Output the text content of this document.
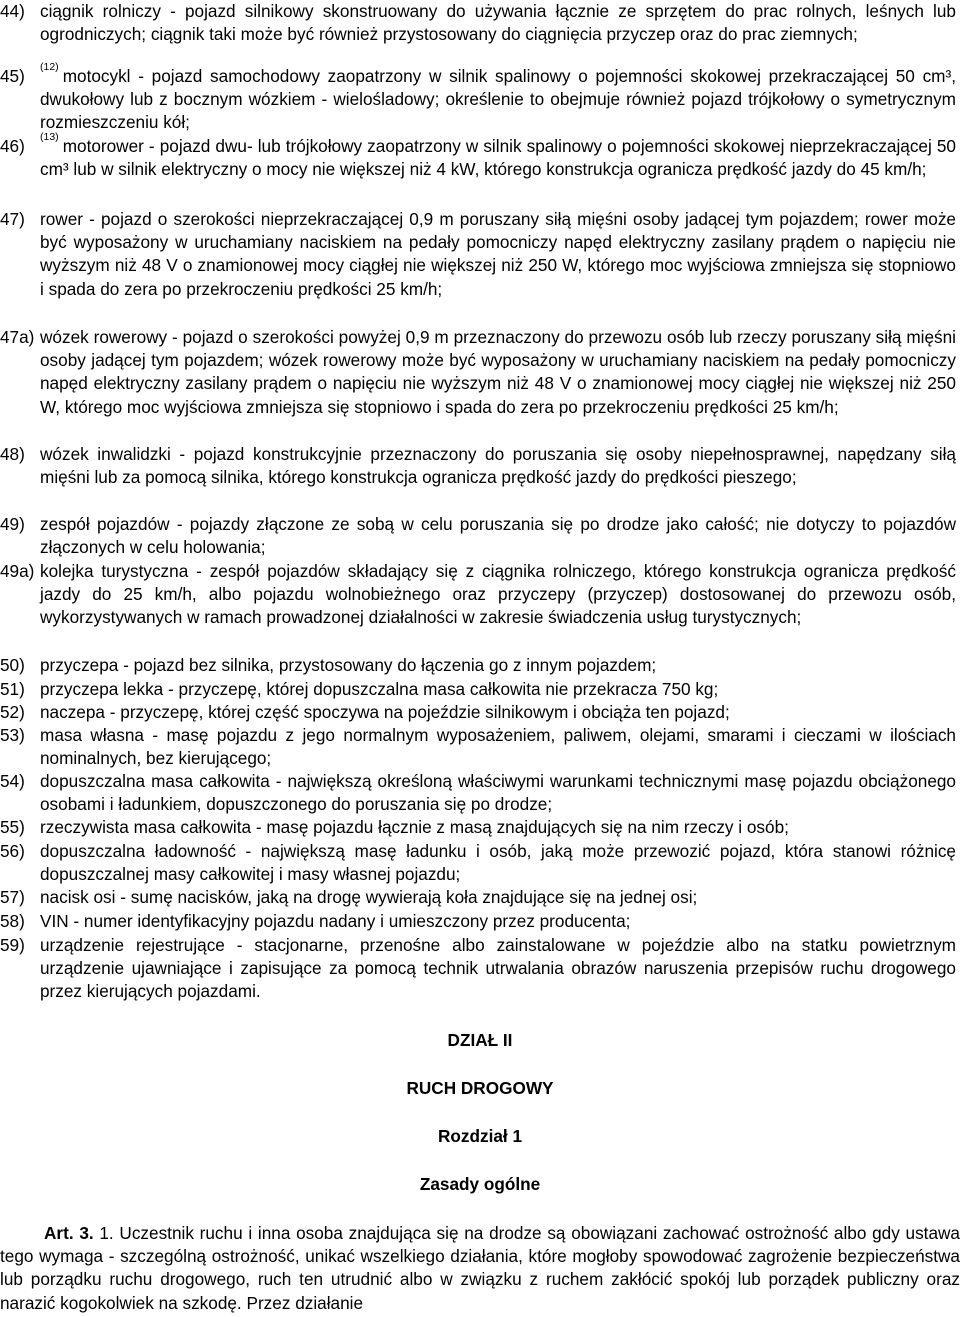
44) ciągnik rolniczy - pojazd silnikowy skonstruowany do używania łącznie ze sprzętem do prac rolnych, leśnych lub ogrodniczych; ciągnik taki może być również przystosowany do ciągnięcia przyczep oraz do prac ziemnych;

45) $^{(12)}$ motocykl - pojazd samochodowy zaopatrzony w silnik spalinowy o pojemności skokowej przekraczającej 50 cm³, dwukołowy lub z bocznym wózkiem - wielośladowy; określenie to obejmuje również pojazd trójkołowy o symetrycznym rozmieszczeniu kół;

46) $^{(13)}$ motorower - pojazd dwu- lub trójkołowy zaopatrzony w silnik spalinowy o pojemności skokowej nieprzekraczającej 50 cm³ lub w silnik elektryczny o mocy nie większej niż 4 kW, którego konstrukcja ogranicza prędkość jazdy do 45 km/h;

47) rower - pojazd o szerokości nieprzekraczającej 0,9 m poruszany siłą mięśni osoby jadącej tym pojazdem; rower może być wyposażony w uruchamiany naciskiem na pedały pomocniczy napęd elektryczny zasilany prądem o napięciu nie wyższym niż 48 V o znamionowej mocy ciągłej nie większej niż 250 W, którego moc wyjściowa zmniejsza się stopniowo i spada do zera po przekroczeniu prędkości 25 km/h;

47a) wózek rowerowy - pojazd o szerokości powyżej 0,9 m przeznaczony do przewozu osób lub rzeczy poruszany siłą mięśni osoby jadącej tym pojazdem; wózek rowerowy może być wyposażony w uruchamiany naciskiem na pedały pomocniczy napęd elektryczny zasilany prądem o napięciu nie wyższym niż 48 V o znamionowej mocy ciągłej nie większej niż 250 W, którego moc wyjściowa zmniejsza się stopniowo i spada do zera po przekroczeniu prędkości 25 km/h;

48) wózek inwalidzki - pojazd konstrukcyjnie przeznaczony do poruszania się osoby niepełnosprawnej, napędzany siłą mięśni lub za pomocą silnika, którego konstrukcja ogranicza prędkość jazdy do prędkości pieszego;

49) zespół pojazdów - pojazdy złączone ze sobą w celu poruszania się po drodze jako całość; nie dotyczy to pojazdów złączonych w celu holowania;

49a) kolejka turystyczna - zespół pojazdów składający się z ciągnika rolniczego, którego konstrukcja ogranicza prędkość jazdy do 25 km/h, albo pojazdu wolnobieżnego oraz przyczepy (przyczep) dostosowanej do przewozu osób, wykorzystywanych w ramach prowadzonej działalności w zakresie świadczenia usług turystycznych;

50) przyczepa - pojazd bez silnika, przystosowany do łączenia go z innym pojazdem;

51) przyczepa lekka - przyczepę, której dopuszczalna masa całkowita nie przekracza 750 kg;

52) naczepa - przyczepę, której część spoczywa na pojeździe silnikowym i obciąża ten pojazd;

53) masa własna - masę pojazdu z jego normalnym wyposażeniem, paliwem, olejami, smarami i cieczami w ilościach nominalnych, bez kierującego;

54) dopuszczalna masa całkowita - największą określoną właściwymi warunkami technicznymi masę pojazdu obciążonego osobami i ładunkiem, dopuszczonego do poruszania się po drodze;

55) rzeczywista masa całkowita - masę pojazdu łącznie z masą znajdujących się na nim rzeczy i osób;

56) dopuszczalna ładowność - największą masę ładunku i osób, jaką może przewozić pojazd, która stanowi różnicę dopuszczalnej masy całkowitej i masy własnej pojazdu;

57) nacisk osi - sumę nacisków, jaką na drogę wywierają koła znajdujące się na jednej osi;

58) VIN - numer identyfikacyjny pojazdu nadany i umieszczony przez producenta;

59) urządzenie rejestrujące - stacjonarne, przenośne albo zainstalowane w pojeździe albo na statku powietrznym urządzenie ujawniające i zapisujące za pomocą technik utrwalania obrazów naruszenia przepisów ruchu drogowego przez kierujących pojazdami.

DZIAŁ II
RUCH DROGOWY
Rozdział 1
Zasady ogólne
Art. 3. 1. Uczestnik ruchu i inna osoba znajdująca się na drodze są obowiązani zachować ostrożność albo gdy ustawa tego wymaga - szczególną ostrożność, unikać wszelkiego działania, które mogłoby spowodować zagrożenie bezpieczeństwa lub porządku ruchu drogowego, ruch ten utrudnić albo w związku z ruchem zakłócić spokój lub porządek publiczny oraz narazić kogokolwiek na szkodę. Przez działanie
